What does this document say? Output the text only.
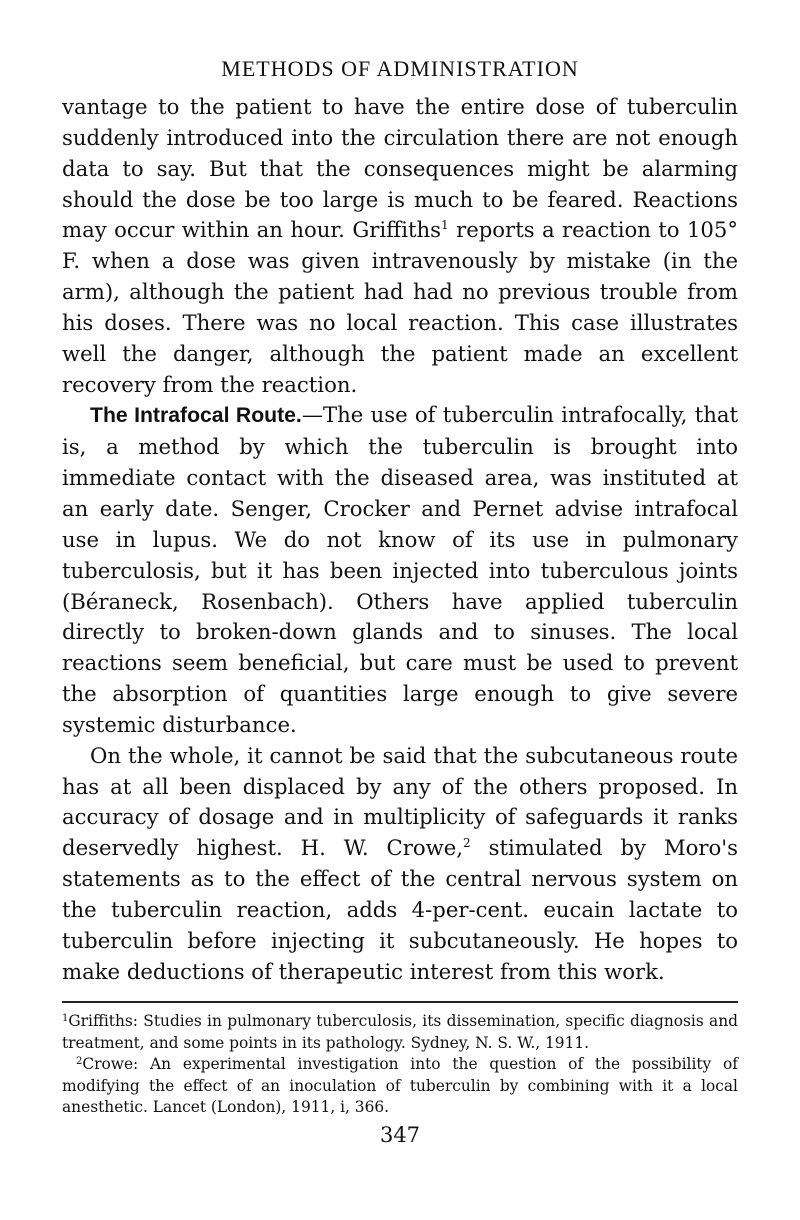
METHODS OF ADMINISTRATION

vantage to the patient to have the entire dose of tuberculin suddenly introduced into the circulation there are not enough data to say. But that the consequences might be alarming should the dose be too large is much to be feared. Reactions may occur within an hour. Griffiths$^1$ reports a reaction to 105° F. when a dose was given intravenously by mistake (in the arm), although the patient had had no previous trouble from his doses. There was no local reaction. This case illustrates well the danger, although the patient made an excellent recovery from the reaction.

The Intrafocal Route.—The use of tuberculin intrafocally, that is, a method by which the tuberculin is brought into immediate contact with the diseased area, was instituted at an early date. Senger, Crocker and Pernet advise intrafocal use in lupus. We do not know of its use in pulmonary tuberculosis, but it has been injected into tuberculous joints (Béraneck, Rosenbach). Others have applied tuberculin directly to broken-down glands and to sinuses. The local reactions seem beneficial, but care must be used to prevent the absorption of quantities large enough to give severe systemic disturbance.

On the whole, it cannot be said that the subcutaneous route has at all been displaced by any of the others proposed. In accuracy of dosage and in multiplicity of safeguards it ranks deservedly highest. H. W. Crowe,$^2$ stimulated by Moro's statements as to the effect of the central nervous system on the tuberculin reaction, adds 4-per-cent. eucain lactate to tuberculin before injecting it subcutaneously. He hopes to make deductions of therapeutic interest from this work.

$^1$Griffiths: Studies in pulmonary tuberculosis, its dissemination, specific diagnosis and treatment, and some points in its pathology. Sydney, N. S. W., 1911.

$^2$Crowe: An experimental investigation into the question of the possibility of modifying the effect of an inoculation of tuberculin by combining with it a local anesthetic. Lancet (London), 1911, i, 366.

347
